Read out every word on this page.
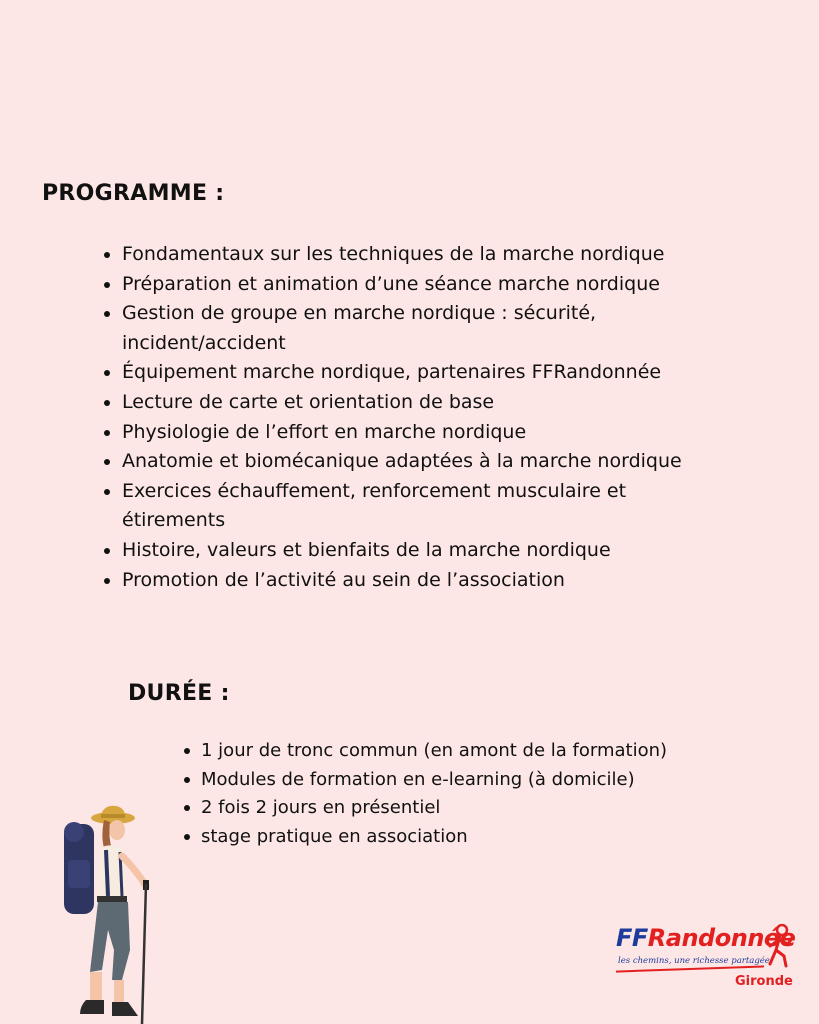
PROGRAMME :
Fondamentaux sur les techniques de la marche nordique
Préparation et animation d’une séance marche nordique
Gestion de groupe en marche nordique : sécurité, incident/accident
Équipement marche nordique, partenaires FFRandonnée
Lecture de carte et orientation de base
Physiologie de l’effort en marche nordique
Anatomie et biomécanique adaptées à la marche nordique
Exercices échauffement, renforcement musculaire et étirements
Histoire, valeurs et bienfaits de la marche nordique
Promotion de l’activité au sein de l’association
DURÉE :
1 jour de tronc commun (en amont de la formation)
Modules de formation en e-learning (à domicile)
2 fois 2 jours en présentiel
stage pratique en association
FFRandonnée
les chemins, une richesse partagée
Gironde
